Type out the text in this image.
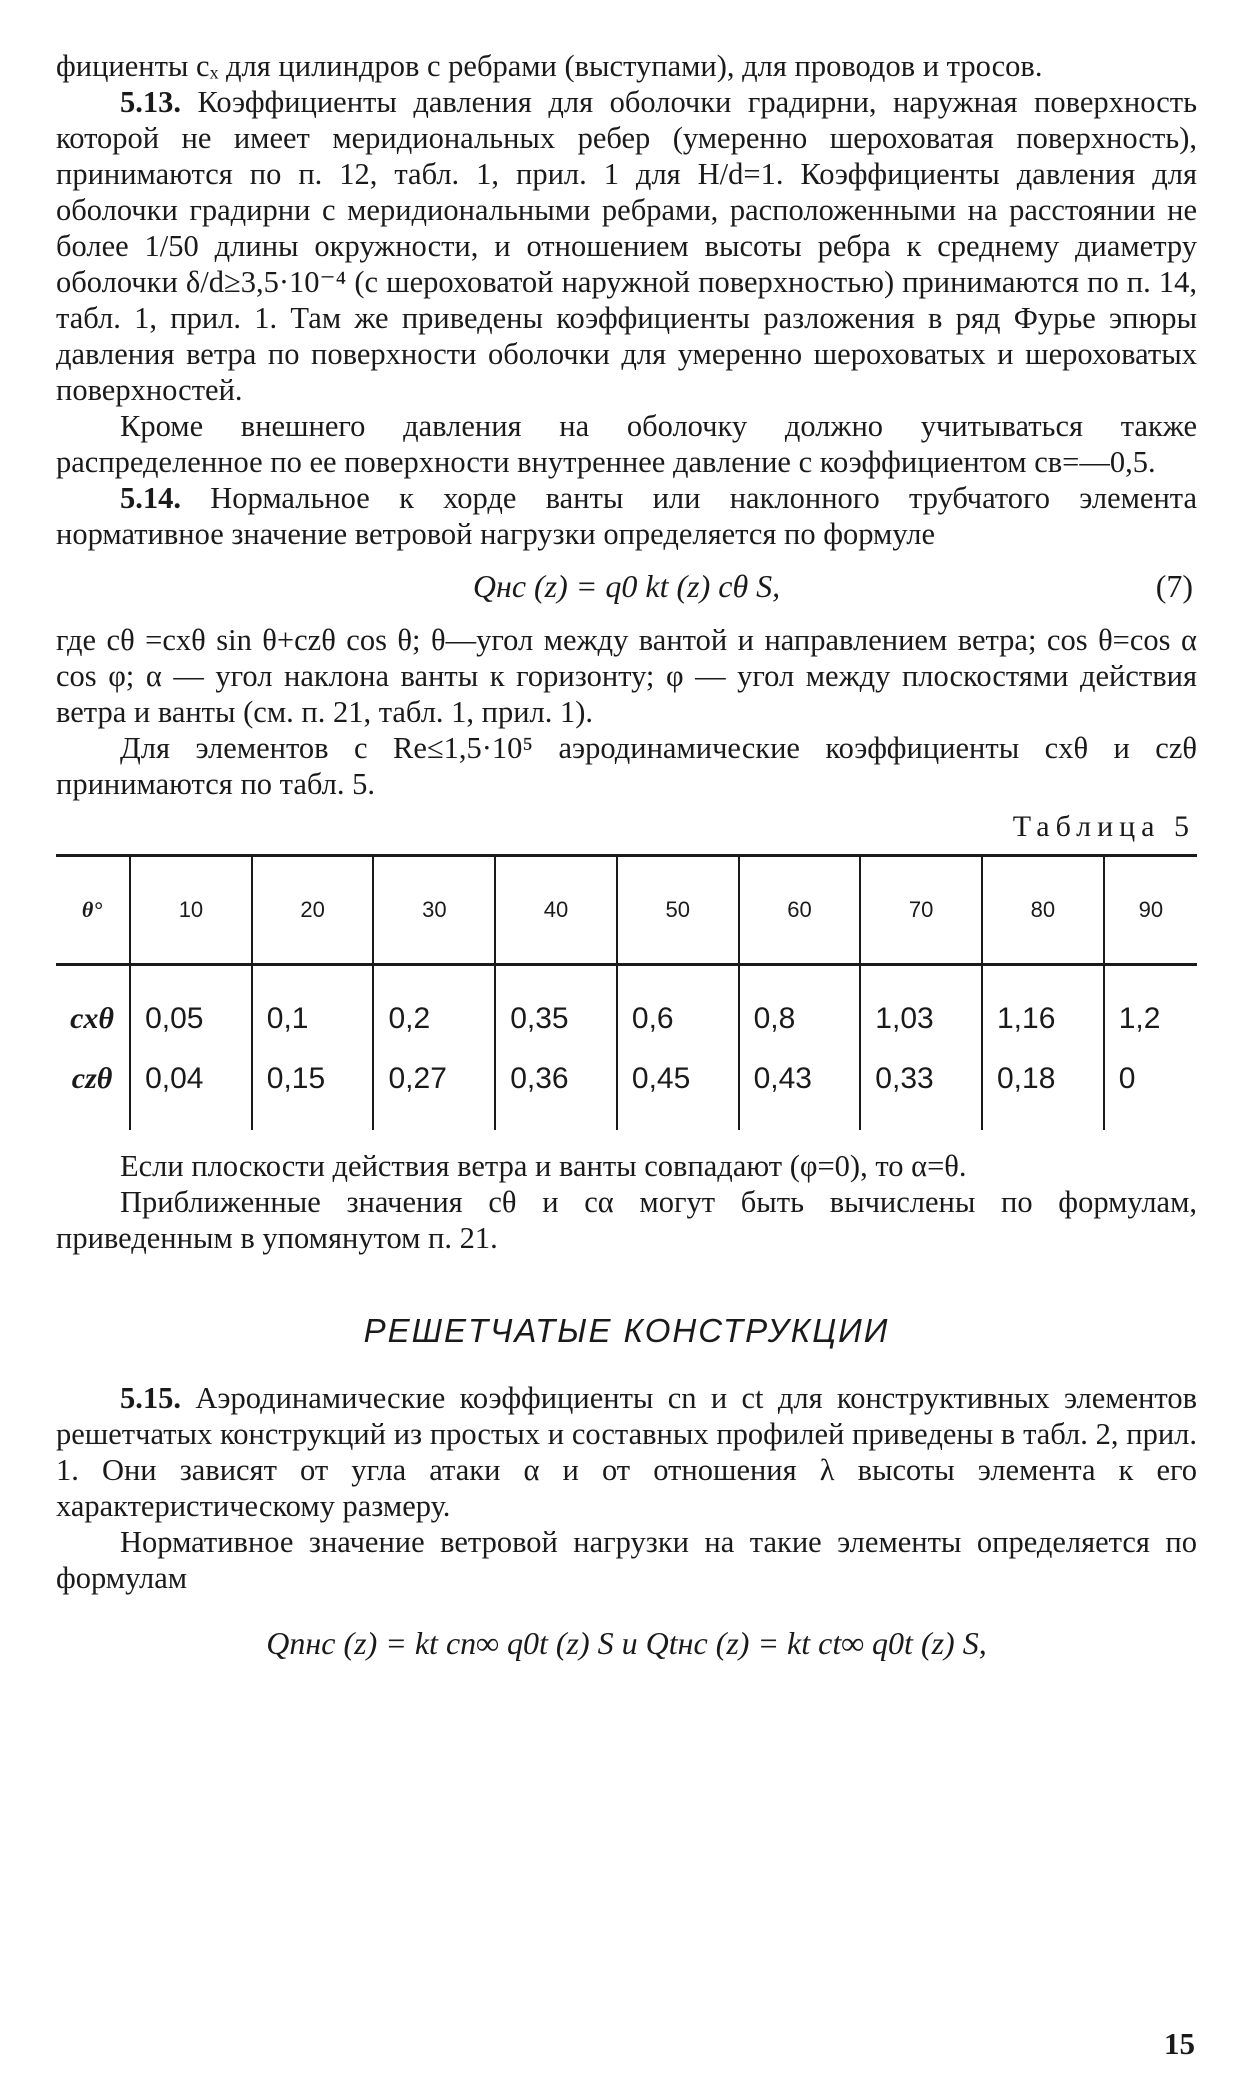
фициенты cₓ для цилиндров с ребрами (выступами), для проводов и тросов.

5.13. Коэффициенты давления для оболочки градирни, наружная поверхность которой не имеет меридиональных ребер (умеренно шероховатая поверхность), принимаются по п. 12, табл. 1, прил. 1 для H/d=1. Коэффициенты давления для оболочки градирни с меридиональными ребрами, расположенными на расстоянии не более 1/50 длины окружности, и отношением высоты ребра к среднему диаметру оболочки δ/d≥3,5·10⁻⁴ (с шероховатой наружной поверхностью) принимаются по п. 14, табл. 1, прил. 1. Там же приведены коэффициенты разложения в ряд Фурье эпюры давления ветра по поверхности оболочки для умеренно шероховатых и шероховатых поверхностей.

Кроме внешнего давления на оболочку должно учитываться также распределенное по ее поверхности внутреннее давление с коэффициентом cв=—0,5.

5.14. Нормальное к хорде ванты или наклонного трубчатого элемента нормативное значение ветровой нагрузки определяется по формуле

Qнс (z) = q0 kt (z) cθ S,	(7)

где cθ =cxθ sin θ+czθ cos θ; θ—угол между вантой и направлением ветра; cos θ=cos α cos φ; α — угол наклона ванты к горизонту; φ — угол между плоскостями действия ветра и ванты (см. п. 21, табл. 1, прил. 1).

Для элементов с Re≤1,5·10⁵ аэродинамические коэффициенты cxθ и czθ принимаются по табл. 5.

Таблица 5
θ°	10	20	30	40	50	60	70	80	90
cxθ	0,05	0,1	0,2	0,35	0,6	0,8	1,03	1,16	1,2
czθ	0,04	0,15	0,27	0,36	0,45	0,43	0,33	0,18	0

Если плоскости действия ветра и ванты совпадают (φ=0), то α=θ.

Приближенные значения cθ и cα могут быть вычислены по формулам, приведенным в упомянутом п. 21.

РЕШЕТЧАТЫЕ КОНСТРУКЦИИ

5.15. Аэродинамические коэффициенты cn и ct для конструктивных элементов решетчатых конструкций из простых и составных профилей приведены в табл. 2, прил. 1. Они зависят от угла атаки α и от отношения λ высоты элемента к его характеристическому размеру.

Нормативное значение ветровой нагрузки на такие элементы определяется по формулам

Qnнс (z) = kt cn∞ q0t (z) S и Qtнс (z) = kt ct∞ q0t (z) S,
15
